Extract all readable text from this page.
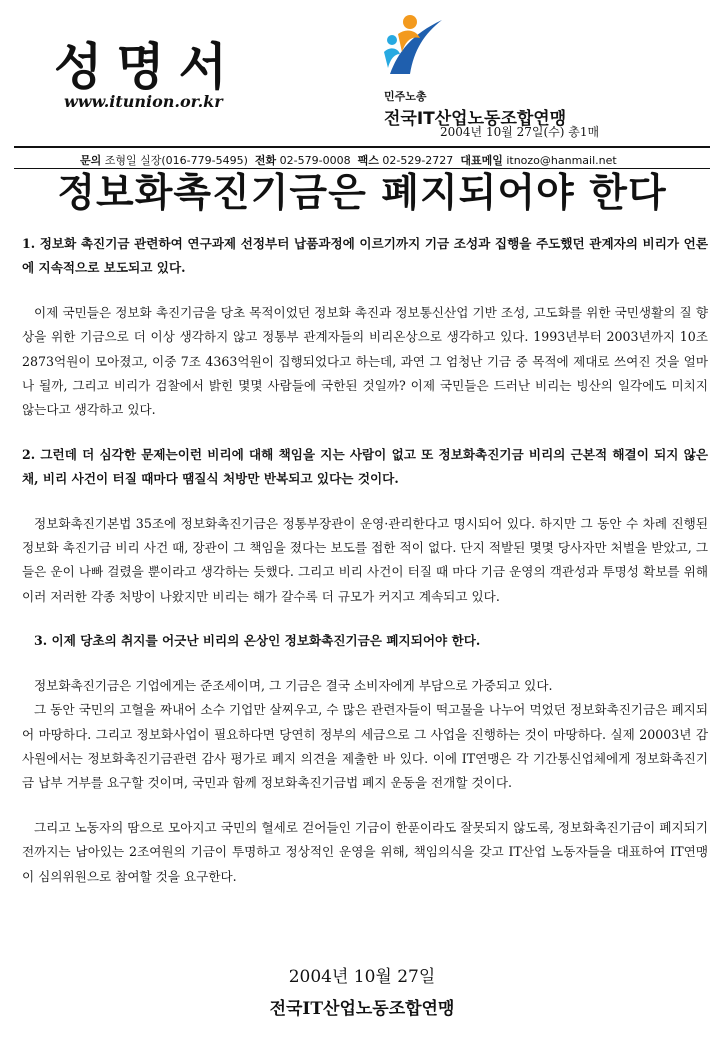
성명서
www.itunion.or.kr	민주노총
전국IT산업노동조합연맹
2004년 10월 27일(수) 총1매
문의 조형일 실장(016-779-5495) 전화 02-579-0008 팩스 02-529-2727 대표메일 itnozo@hanmail.net
정보화촉진기금은 폐지되어야 한다

1. 정보화 촉진기금 관련하여 연구과제 선정부터 납품과정에 이르기까지 기금 조성과 집행을 주도했던 관계자의 비리가 언론에 지속적으로 보도되고 있다.

이제 국민들은 정보화 촉진기금을 당초 목적이었던 정보화 촉진과 정보통신산업 기반 조성, 고도화를 위한 국민생활의 질 향상을 위한 기금으로 더 이상 생각하지 않고 정통부 관계자들의 비리온상으로 생각하고 있다. 1993년부터 2003년까지 10조 2873억원이 모아졌고, 이중 7조 4363억원이 집행되었다고 하는데, 과연 그 엄청난 기금 중 목적에 제대로 쓰여진 것을 얼마나 될까, 그리고 비리가 검찰에서 밝힌 몇몇 사람들에 국한된 것일까? 이제 국민들은 드러난 비리는 빙산의 일각에도 미치지 않는다고 생각하고 있다.

2. 그런데 더 심각한 문제는이런 비리에 대해 책임을 지는 사람이 없고 또 정보화촉진기금 비리의 근본적 해결이 되지 않은 채, 비리 사건이 터질 때마다 땜질식 처방만 반복되고 있다는 것이다.

정보화촉진기본법 35조에 정보화촉진기금은 정통부장관이 운영·관리한다고 명시되어 있다. 하지만 그 동안 수 차례 진행된 정보화 촉진기금 비리 사건 때, 장관이 그 책임을 졌다는 보도를 접한 적이 없다. 단지 적발된 몇몇 당사자만 처벌을 받았고, 그들은 운이 나빠 걸렸을 뿐이라고 생각하는 듯했다. 그리고 비리 사건이 터질 때 마다 기금 운영의 객관성과 투명성 확보를 위해 이러 저러한 각종 처방이 나왔지만 비리는 해가 갈수록 더 규모가 커지고 계속되고 있다.

3. 이제 당초의 취지를 어긋난 비리의 온상인 정보화촉진기금은 폐지되어야 한다.

정보화촉진기금은 기업에게는 준조세이며, 그 기금은 결국 소비자에게 부담으로 가중되고 있다.

그 동안 국민의 고혈을 짜내어 소수 기업만 살찌우고, 수 많은 관련자들이 떡고물을 나누어 먹었던 정보화촉진기금은 폐지되어 마땅하다. 그리고 정보화사업이 필요하다면 당연히 정부의 세금으로 그 사업을 진행하는 것이 마땅하다. 실제 20003년 감사원에서는 정보화촉진기금관련 감사 평가로 폐지 의견을 제출한 바 있다. 이에 IT연맹은 각 기간통신업체에게 정보화촉진기금 납부 거부를 요구할 것이며, 국민과 함께 정보화촉진기금법 폐지 운동을 전개할 것이다.

그리고 노동자의 땀으로 모아지고 국민의 혈세로 걷어들인 기금이 한푼이라도 잘못되지 않도록, 정보화촉진기금이 폐지되기 전까지는 남아있는 2조여원의 기금이 투명하고 정상적인 운영을 위해, 책임의식을 갖고 IT산업 노동자들을 대표하여 IT연맹이 심의위원으로 참여할 것을 요구한다.

2004년 10월 27일
전국IT산업노동조합연맹
